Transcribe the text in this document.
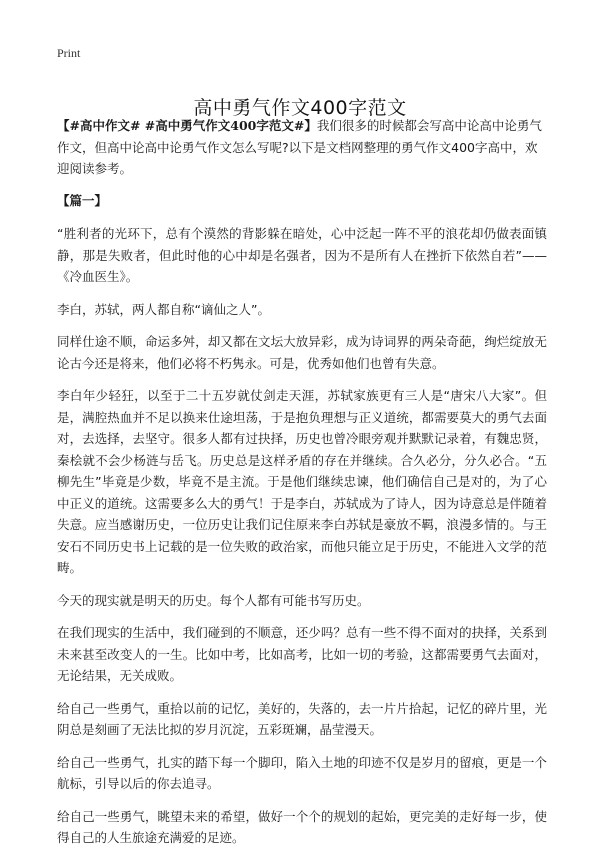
Print
高中勇气作文400字范文

【#高中作文# #高中勇气作文400字范文#】我们很多的时候都会写高中论高中论勇气作文，但高中论高中论勇气作文怎么写呢?以下是文档网整理的勇气作文400字高中，欢迎阅读参考。

【篇一】

“胜利者的光环下，总有个漠然的背影躲在暗处，心中泛起一阵不平的浪花却仍做表面镇静，那是失败者，但此时他的心中却是名强者，因为不是所有人在挫折下依然自若”——《冷血医生》。

李白，苏轼，两人都自称“谪仙之人”。

同样仕途不顺，命运多舛，却又都在文坛大放异彩，成为诗词界的两朵奇葩，绚烂绽放无论古今还是将来，他们必将不朽隽永。可是，优秀如他们也曾有失意。

李白年少轻狂，以至于二十五岁就仗剑走天涯，苏轼家族更有三人是“唐宋八大家”。但是，满腔热血并不足以换来仕途坦荡，于是抱负理想与正义道统，都需要莫大的勇气去面对，去选择，去坚守。很多人都有过抉择，历史也曾冷眼旁观并默默记录着，有魏忠贤，秦桧就不会少杨涟与岳飞。历史总是这样矛盾的存在并继续。合久必分，分久必合。“五柳先生”毕竟是少数，毕竟不是主流。于是他们继续忠谏，他们确信自己是对的，为了心中正义的道统。这需要多么大的勇气！于是李白，苏轼成为了诗人，因为诗意总是伴随着失意。应当感谢历史，一位历史让我们记住原来李白苏轼是豪放不羁，浪漫多情的。与王安石不同历史书上记载的是一位失败的政治家，而他只能立足于历史，不能进入文学的范畴。

今天的现实就是明天的历史。每个人都有可能书写历史。

在我们现实的生活中，我们碰到的不顺意，还少吗？总有一些不得不面对的抉择，关系到未来甚至改变人的一生。比如中考，比如高考，比如一切的考验，这都需要勇气去面对，无论结果，无关成败。

给自己一些勇气，重拾以前的记忆，美好的，失落的，去一片片拾起，记忆的碎片里，光阴总是刻画了无法比拟的岁月沉淀，五彩斑斓，晶莹漫天。

给自己一些勇气，扎实的踏下每一个脚印，陷入土地的印迹不仅是岁月的留痕，更是一个航标，引导以后的你去追寻。

给自己一些勇气，眺望未来的希望，做好一个个的规划的起始，更完美的走好每一步，使得自己的人生旅途充满爱的足迹。
